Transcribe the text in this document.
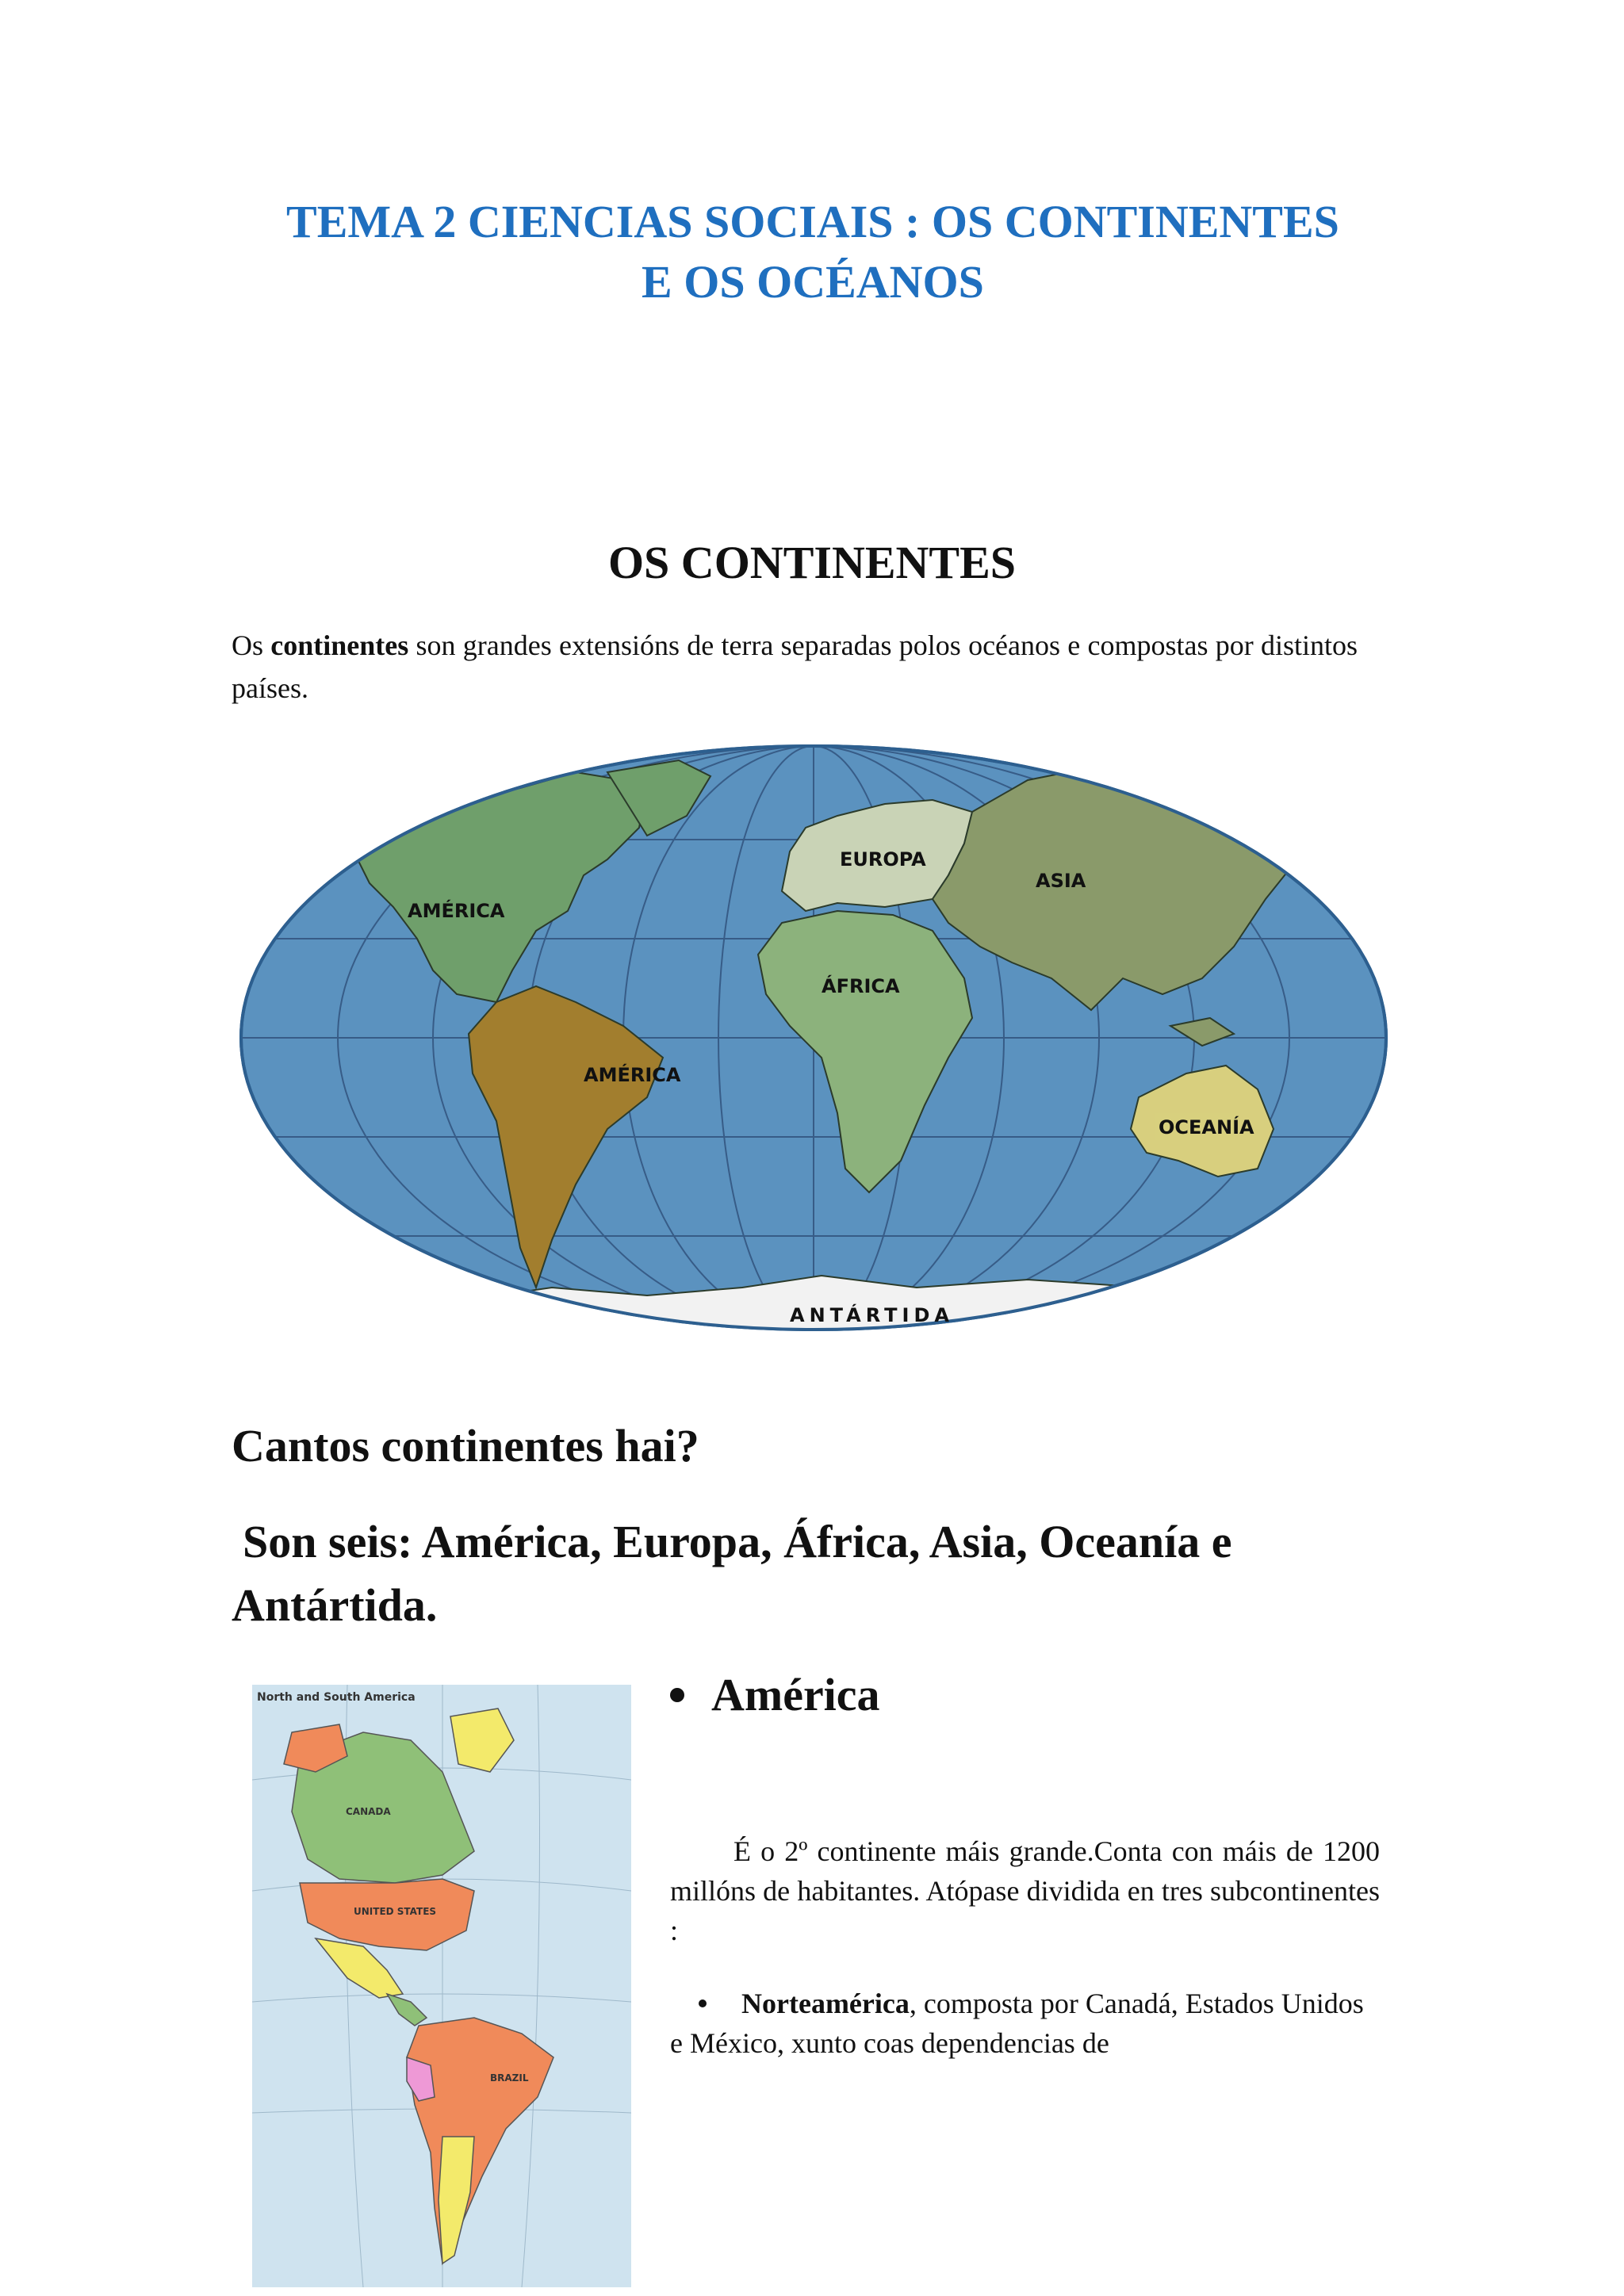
TEMA 2 CIENCIAS SOCIAIS : OS CONTINENTES
E OS OCÉANOS
OS CONTINENTES
Os continentes son grandes extensións de terra separadas polos océanos e compostas por distintos países.
AMÉRICA
AMÉRICA
EUROPA
ÁFRICA
ASIA
OCEANÍA
ANTÁRTIDA
Cantos continentes hai?
Son seis: América, Europa, África, Asia, Oceanía e Antártida.
North and South America
CANADA
UNITED STATES
BRAZIL
América
É o 2º continente máis grande.Conta con máis de 1200 millóns de habitantes. Atópase dividida en tres subcontinentes :
Norteamérica, composta por Canadá, Estados Unidos e México, xunto coas dependencias de
